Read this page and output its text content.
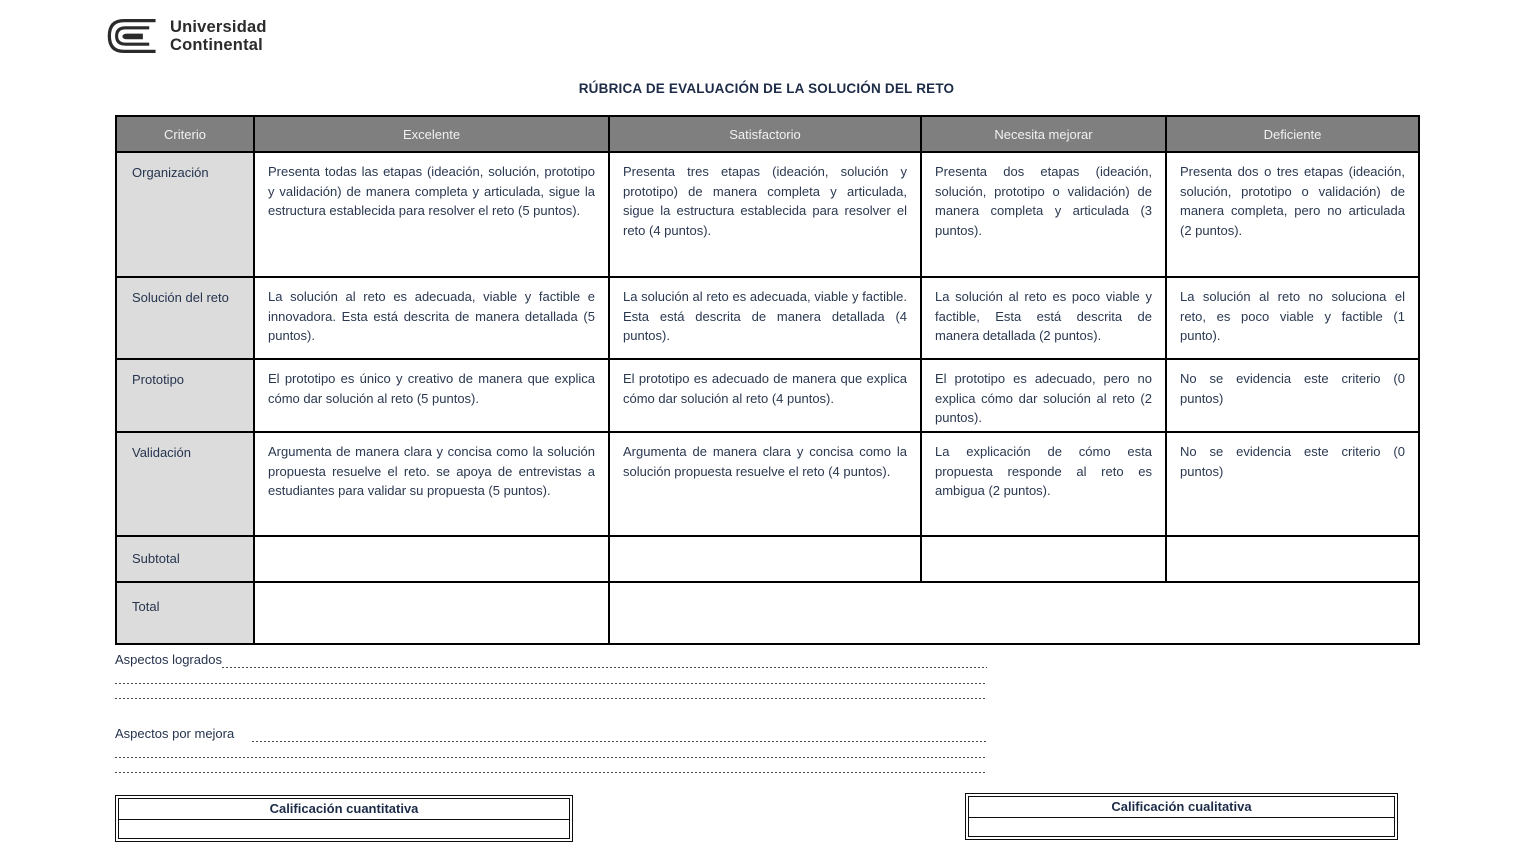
Universidad
Continental
RÚBRICA DE EVALUACIÓN DE LA SOLUCIÓN DEL RETO
Criterio	Excelente	Satisfactorio	Necesita mejorar	Deficiente
Organización	Presenta todas las etapas (ideación, solución, prototipo y validación) de manera completa y articulada, sigue la estructura establecida para resolver el reto (5 puntos).	Presenta tres etapas (ideación, solución y prototipo) de manera completa y articulada, sigue la estructura establecida para resolver el reto (4 puntos).	Presenta dos etapas (ideación, solución, prototipo o validación) de manera completa y articulada (3 puntos).	Presenta dos o tres etapas (ideación, solución, prototipo o validación) de manera completa, pero no articulada (2 puntos).
Solución del reto	La solución al reto es adecuada, viable y factible e innovadora. Esta está descrita de manera detallada (5 puntos).	La solución al reto es adecuada, viable y factible. Esta está descrita de manera detallada (4 puntos).	La solución al reto es poco viable y factible, Esta está descrita de manera detallada (2 puntos).	La solución al reto no soluciona el reto, es poco viable y factible (1 punto).
Prototipo	El prototipo es único y creativo de manera que explica cómo dar solución al reto (5 puntos).	El prototipo es adecuado de manera que explica cómo dar solución al reto (4 puntos).	El prototipo es adecuado, pero no explica cómo dar solución al reto (2 puntos).	No se evidencia este criterio (0 puntos)
Validación	Argumenta de manera clara y concisa como la solución propuesta resuelve el reto. se apoya de entrevistas a estudiantes para validar su propuesta (5 puntos).	Argumenta de manera clara y concisa como la solución propuesta resuelve el reto (4 puntos).	La explicación de cómo esta propuesta responde al reto es ambigua (2 puntos).	No se evidencia este criterio (0 puntos)
Subtotal				
Total				
Aspectos logrados
Aspectos por mejora
Calificación cuantitativa	Calificación cualitativa
